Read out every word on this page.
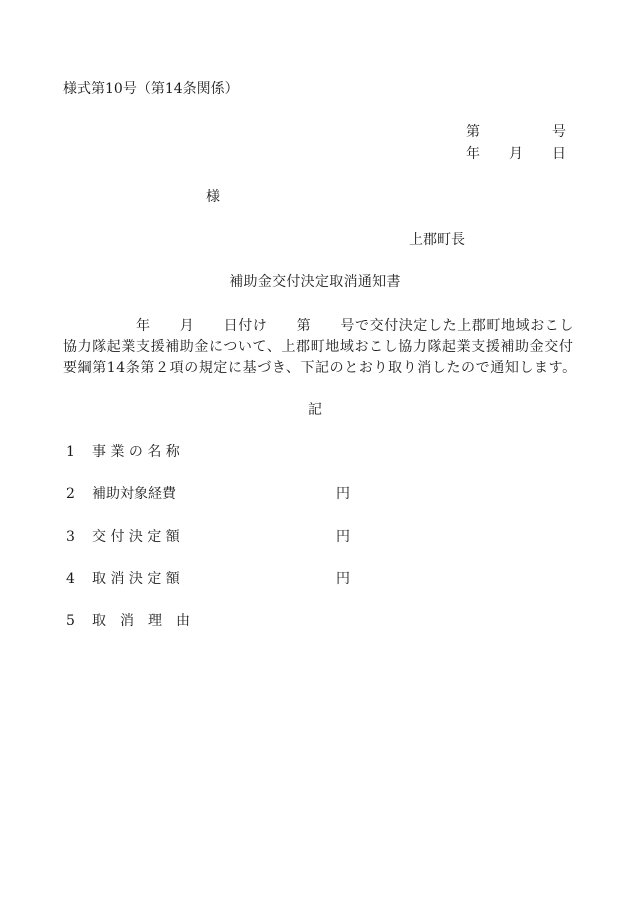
様式第10号（第14条関係）
第	号
年 月 日
様
上郡町長
補助金交付決定取消通知書
　　　　　年　　月　　日付け　　第　　号で交付決定した上郡町地域おこし
協力隊起業支援補助金について、上郡町地域おこし協力隊起業支援補助金交付
要綱第14条第２項の規定に基づき、下記のとおり取り消したので通知します。
記
1 事 業 の 名 称
2 補助対象経費	円
3 交 付 決 定 額	円
4 取 消 決 定 額	円
5 取　消　理　由
